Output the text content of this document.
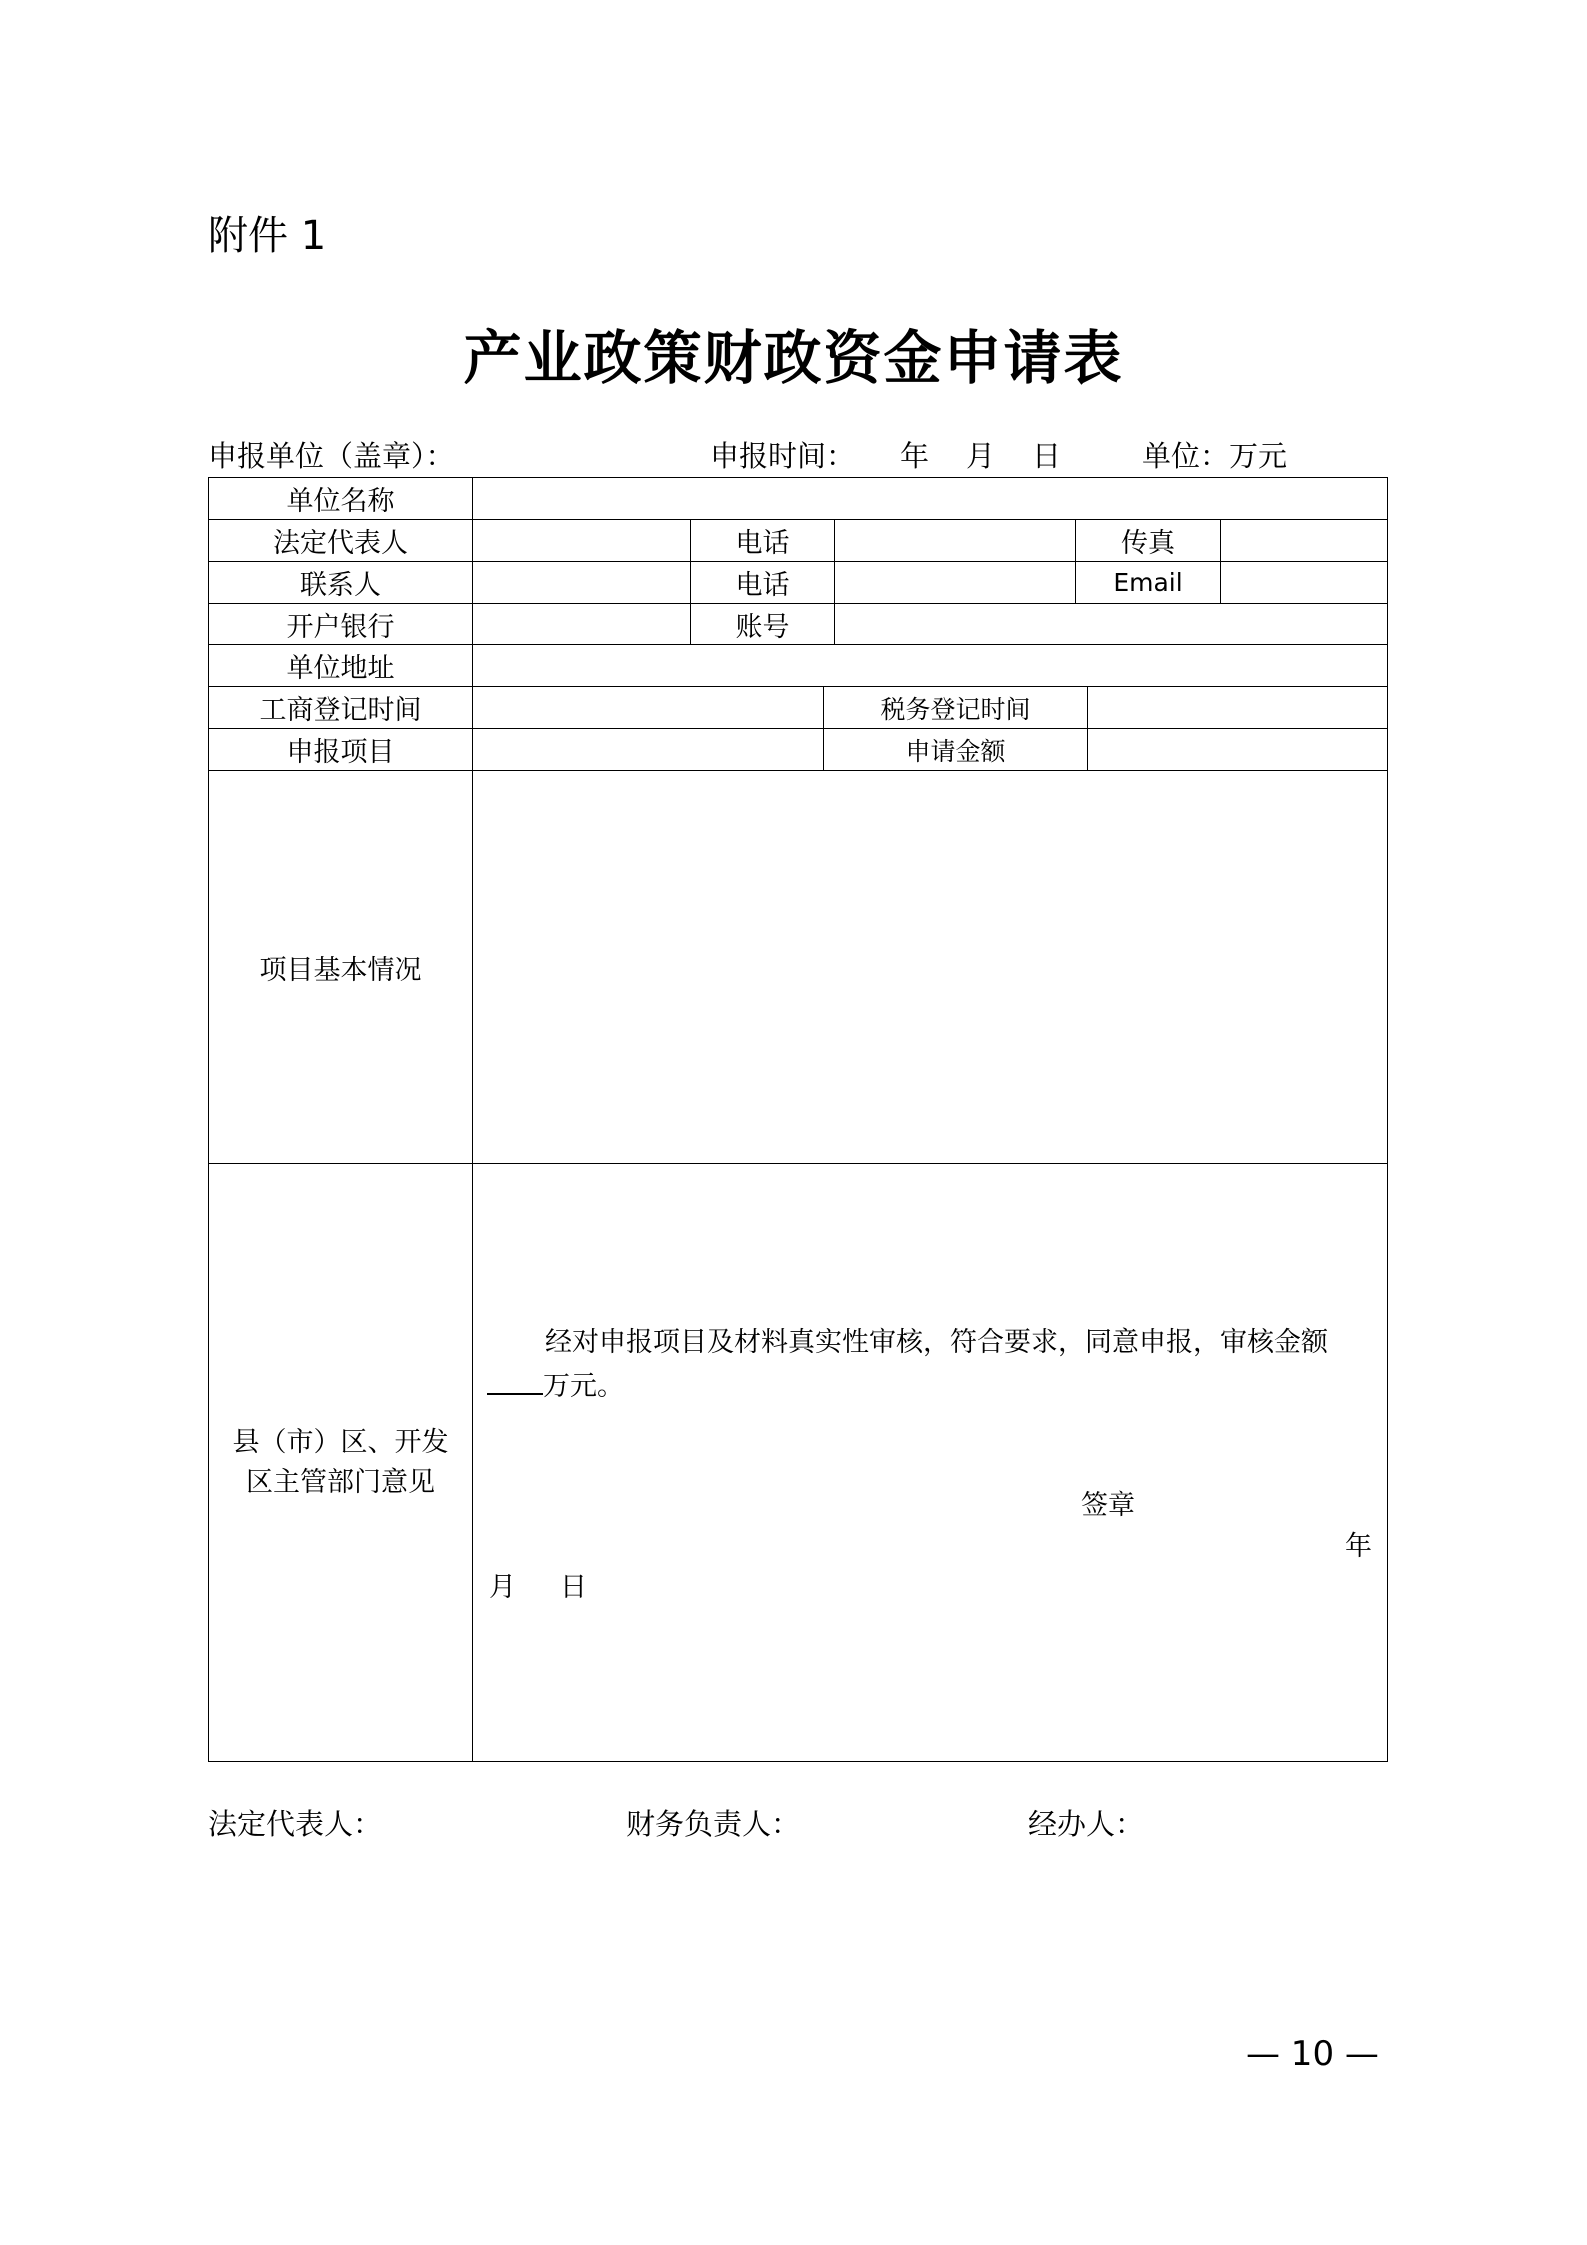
附件 1
产业政策财政资金申请表
申报单位（盖章）：	申报时间： 年 月 日	单位：万元
单位名称
法定代表人	电话	传真
联系人	电话	Email
开户银行	账号
单位地址
工商登记时间	税务登记时间
申报项目	申请金额
项目基本情况
县（市）区、开发
区主管部门意见
经对申报项目及材料真实性审核，符合要求，同意申报，审核金额
万元。
签章
年
月 日
法定代表人：	财务负责人：	经办人：
— 10 —
